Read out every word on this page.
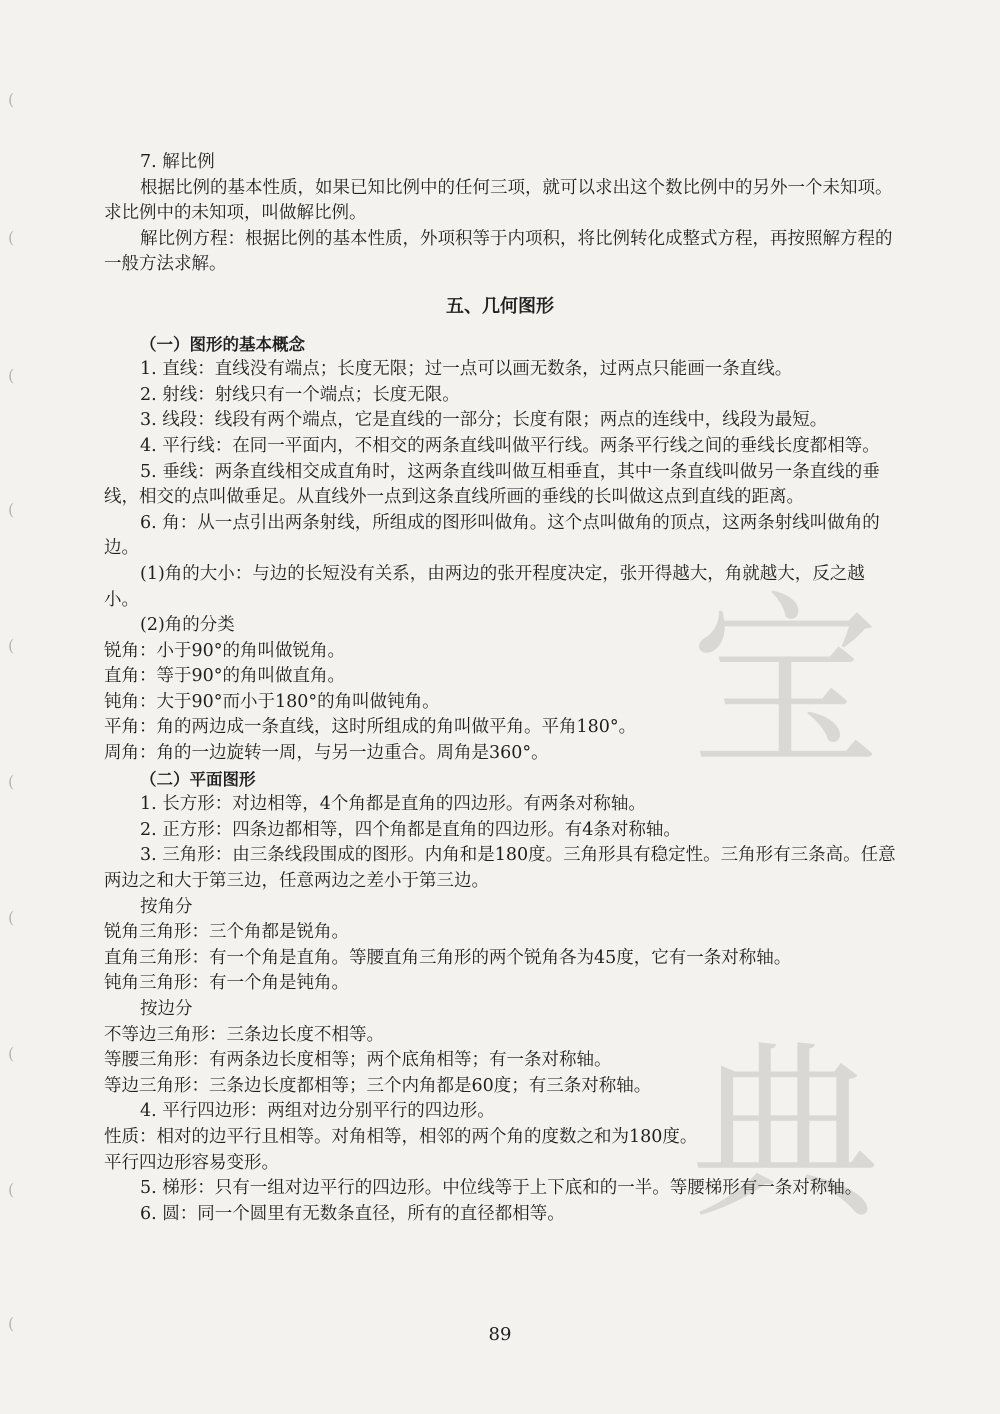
(
(
(
(
(
(
(
(
(
(
宝
典

7. 解比例

根据比例的基本性质，如果已知比例中的任何三项，就可以求出这个数比例中的另外一个未知项。求比例中的未知项，叫做解比例。

解比例方程：根据比例的基本性质，外项积等于内项积，将比例转化成整式方程，再按照解方程的一般方法求解。

五、几何图形

（一）图形的基本概念

1. 直线：直线没有端点；长度无限；过一点可以画无数条，过两点只能画一条直线。

2. 射线：射线只有一个端点；长度无限。

3. 线段：线段有两个端点，它是直线的一部分；长度有限；两点的连线中，线段为最短。

4. 平行线：在同一平面内，不相交的两条直线叫做平行线。两条平行线之间的垂线长度都相等。

5. 垂线：两条直线相交成直角时，这两条直线叫做互相垂直，其中一条直线叫做另一条直线的垂线，相交的点叫做垂足。从直线外一点到这条直线所画的垂线的长叫做这点到直线的距离。

6. 角：从一点引出两条射线，所组成的图形叫做角。这个点叫做角的顶点，这两条射线叫做角的边。

(1)角的大小：与边的长短没有关系，由两边的张开程度决定，张开得越大，角就越大，反之越小。

(2)角的分类

锐角：小于90°的角叫做锐角。

直角：等于90°的角叫做直角。

钝角：大于90°而小于180°的角叫做钝角。

平角：角的两边成一条直线，这时所组成的角叫做平角。平角180°。

周角：角的一边旋转一周，与另一边重合。周角是360°。

（二）平面图形

1. 长方形：对边相等，4个角都是直角的四边形。有两条对称轴。

2. 正方形：四条边都相等，四个角都是直角的四边形。有4条对称轴。

3. 三角形：由三条线段围成的图形。内角和是180度。三角形具有稳定性。三角形有三条高。任意两边之和大于第三边，任意两边之差小于第三边。

按角分

锐角三角形：三个角都是锐角。

直角三角形：有一个角是直角。等腰直角三角形的两个锐角各为45度，它有一条对称轴。

钝角三角形：有一个角是钝角。

按边分

不等边三角形：三条边长度不相等。

等腰三角形：有两条边长度相等；两个底角相等；有一条对称轴。

等边三角形：三条边长度都相等；三个内角都是60度；有三条对称轴。

4. 平行四边形：两组对边分别平行的四边形。

性质：相对的边平行且相等。对角相等，相邻的两个角的度数之和为180度。

平行四边形容易变形。

5. 梯形：只有一组对边平行的四边形。中位线等于上下底和的一半。等腰梯形有一条对称轴。

6. 圆：同一个圆里有无数条直径，所有的直径都相等。

89
